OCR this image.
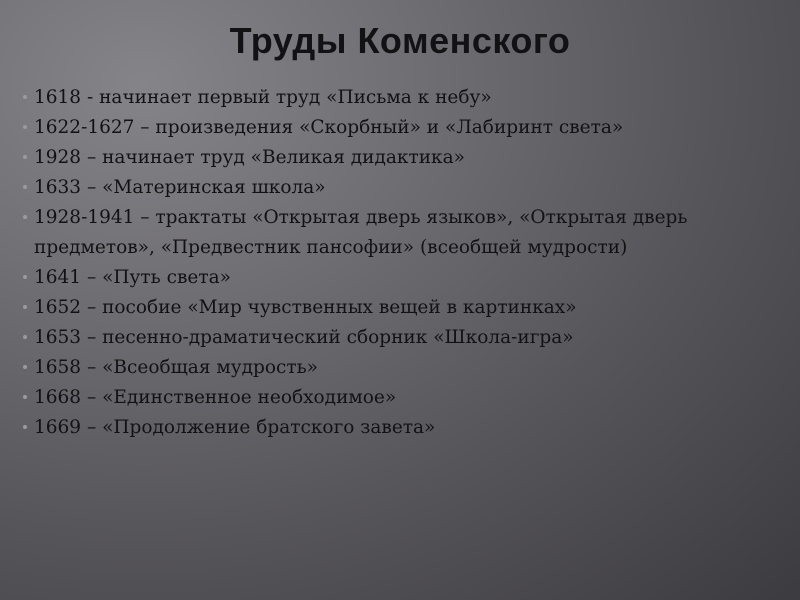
Труды Коменского
1618 - начинает первый труд «Письма к небу»
1622-1627 – произведения «Скорбный» и «Лабиринт света»
1928 – начинает труд «Великая дидактика»
1633 – «Материнская школа»
1928-1941 – трактаты «Открытая дверь языков», «Открытая дверь предметов», «Предвестник пансофии» (всеобщей мудрости)
1641 – «Путь света»
1652 – пособие «Мир чувственных вещей в картинках»
1653 – песенно-драматический сборник «Школа-игра»
1658 – «Всеобщая мудрость»
1668 – «Единственное необходимое»
1669 – «Продолжение братского завета»
